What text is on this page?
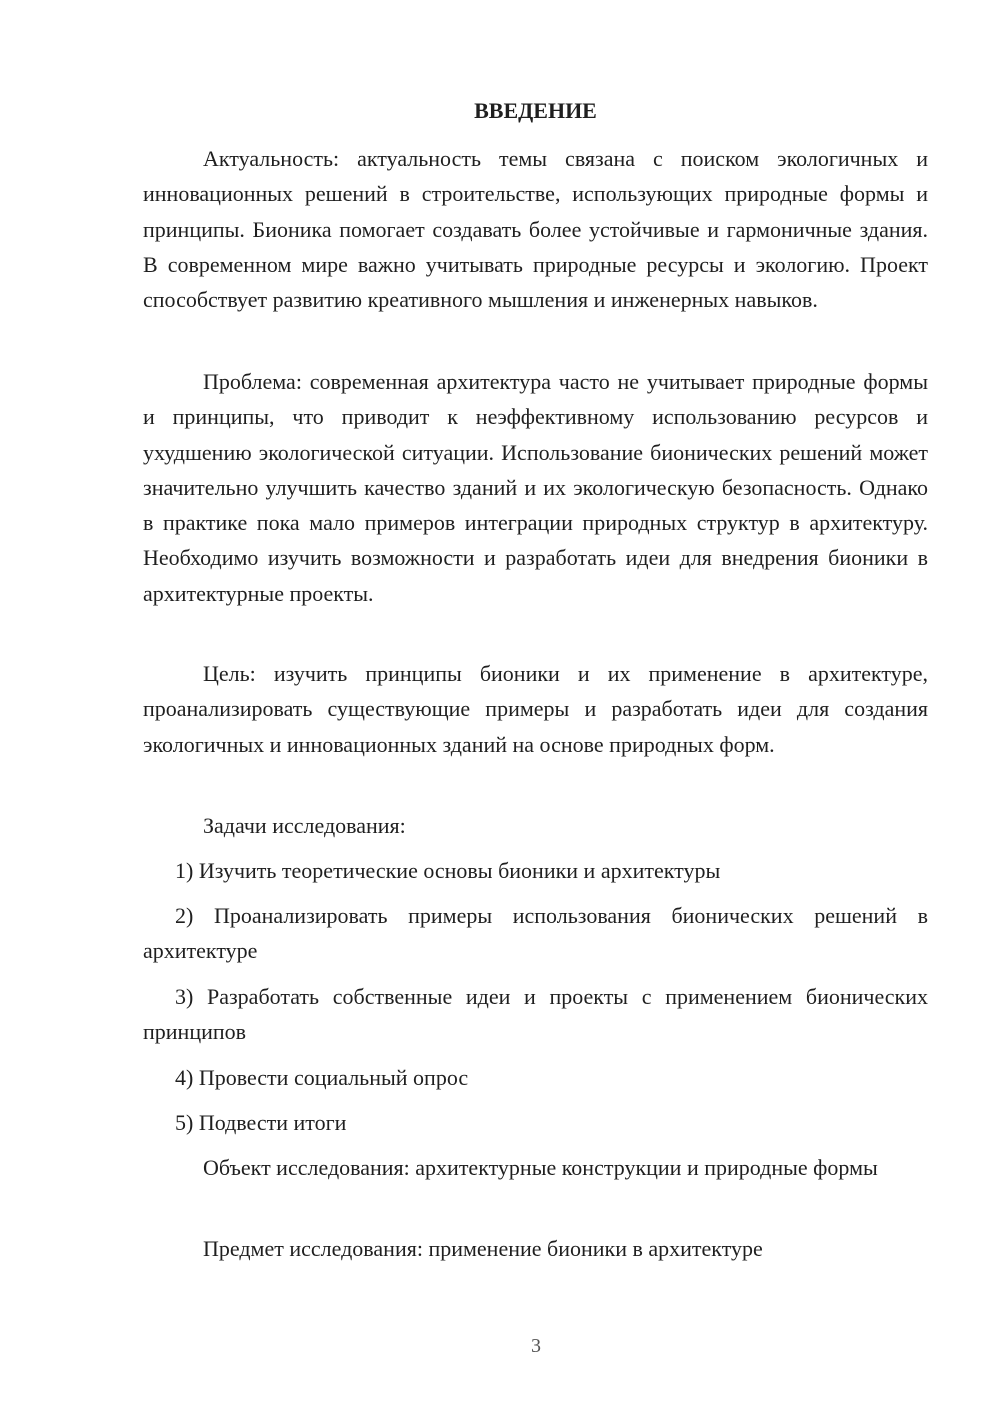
ВВЕДЕНИЕ

Актуальность: актуальность темы связана с поиском экологичных и инновационных решений в строительстве, использующих природные формы и принципы. Бионика помогает создавать более устойчивые и гармоничные здания. В современном мире важно учитывать природные ресурсы и экологию. Проект способствует развитию креативного мышления и инженерных навыков.

Проблема: современная архитектура часто не учитывает природные формы и принципы, что приводит к неэффективному использованию ресурсов и ухудшению экологической ситуации. Использование бионических решений может значительно улучшить качество зданий и их экологическую безопасность. Однако в практике пока мало примеров интеграции природных структур в архитектуру. Необходимо изучить возможности и разработать идеи для внедрения бионики в архитектурные проекты.

Цель: изучить принципы бионики и их применение в архитектуре, проанализировать существующие примеры и разработать идеи для создания экологичных и инновационных зданий на основе природных форм.

Задачи исследования:

1) Изучить теоретические основы бионики и архитектуры

2) Проанализировать примеры использования бионических решений в архитектуре

3) Разработать собственные идеи и проекты с применением бионических принципов

4) Провести социальный опрос

5) Подвести итоги

Объект исследования: архитектурные конструкции и природные формы

Предмет исследования: применение бионики в архитектуре

3
